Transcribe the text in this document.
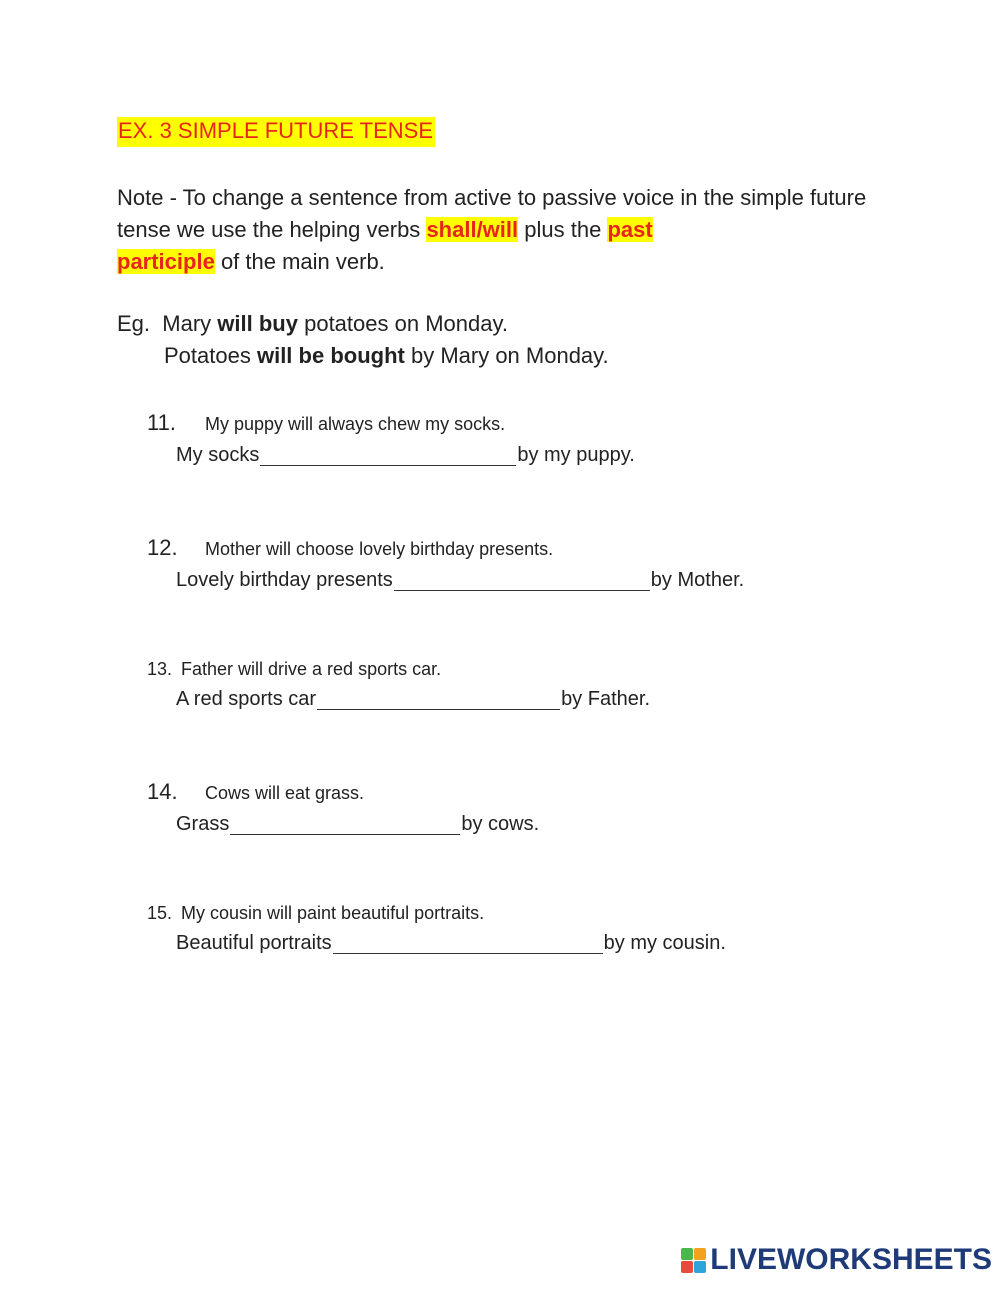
EX. 3 SIMPLE FUTURE TENSE
Note - To change a sentence from active to passive voice in the simple future tense we use the helping verbs shall/will plus the past
participle of the main verb.
Eg. Mary will buy potatoes on Monday.
Potatoes will be bought by Mary on Monday.
11. My puppy will always chew my socks.
My socks	by my puppy.
12. Mother will choose lovely birthday presents.
Lovely birthday presents	by Mother.
13. Father will drive a red sports car.
A red sports car	by Father.
14. Cows will eat grass.
Grass	by cows.
15. My cousin will paint beautiful portraits.
Beautiful portraits	by my cousin.
LIVEWORKSHEETS
